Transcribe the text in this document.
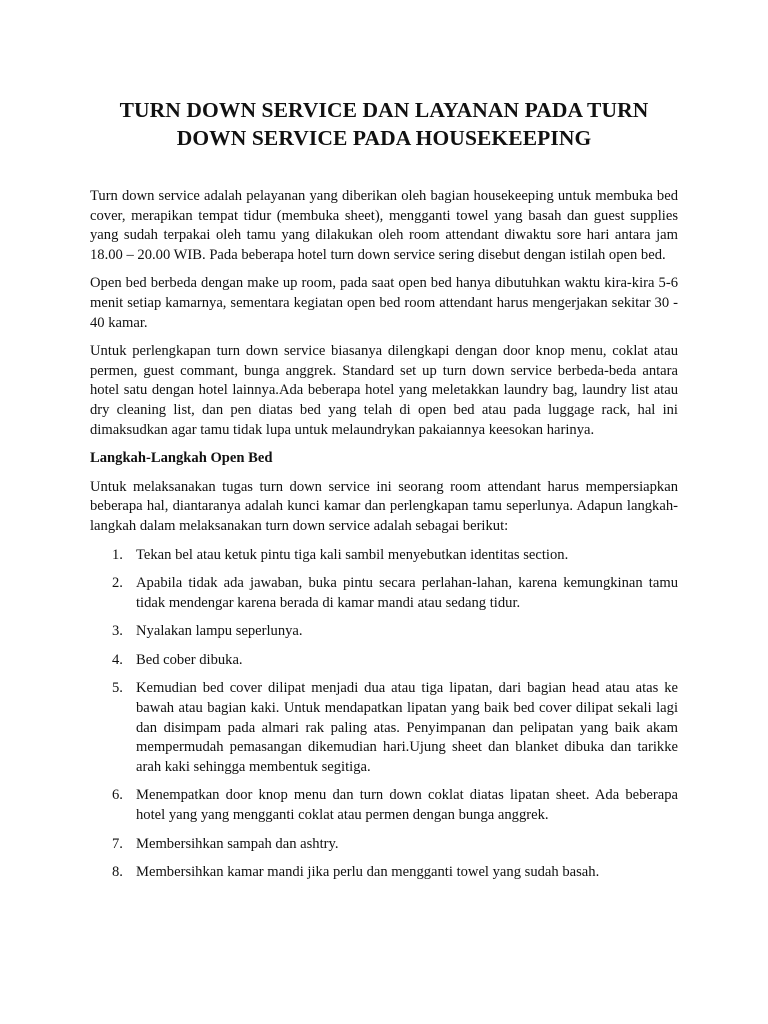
TURN DOWN SERVICE DAN LAYANAN PADA TURN
DOWN SERVICE PADA HOUSEKEEPING

Turn down service adalah pelayanan yang diberikan oleh bagian housekeeping untuk membuka bed cover, merapikan tempat tidur (membuka sheet), mengganti towel yang basah dan guest supplies yang sudah terpakai oleh tamu yang dilakukan oleh room attendant diwaktu sore hari antara jam 18.00 – 20.00 WIB. Pada beberapa hotel turn down service sering disebut dengan istilah open bed.

Open bed berbeda dengan make up room, pada saat open bed hanya dibutuhkan waktu kira-kira 5-6 menit setiap kamarnya, sementara kegiatan open bed room attendant harus mengerjakan sekitar 30 - 40 kamar.

Untuk perlengkapan turn down service biasanya dilengkapi dengan door knop menu, coklat atau permen, guest commant, bunga anggrek. Standard set up turn down service berbeda-beda antara hotel satu dengan hotel lainnya.Ada beberapa hotel yang meletakkan laundry bag, laundry list atau dry cleaning list, dan pen diatas bed yang telah di open bed atau pada luggage rack, hal ini dimaksudkan agar tamu tidak lupa untuk melaundrykan pakaiannya keesokan harinya.

Langkah-Langkah Open Bed

Untuk melaksanakan tugas turn down service ini seorang room attendant harus mempersiapkan beberapa hal, diantaranya adalah kunci kamar dan perlengkapan tamu seperlunya. Adapun langkah-langkah dalam melaksanakan turn down service adalah sebagai berikut:

1. Tekan bel atau ketuk pintu tiga kali sambil menyebutkan identitas section.
2. Apabila tidak ada jawaban, buka pintu secara perlahan-lahan, karena kemungkinan tamu tidak mendengar karena berada di kamar mandi atau sedang tidur.
3. Nyalakan lampu seperlunya.
4. Bed cober dibuka.
5. Kemudian bed cover dilipat menjadi dua atau tiga lipatan, dari bagian head atau atas ke bawah atau bagian kaki. Untuk mendapatkan lipatan yang baik bed cover dilipat sekali lagi dan disimpam pada almari rak paling atas. Penyimpanan dan pelipatan yang baik akam mempermudah pemasangan dikemudian hari.Ujung sheet dan blanket dibuka dan tarikke arah kaki sehingga membentuk segitiga.
6. Menempatkan door knop menu dan turn down coklat diatas lipatan sheet. Ada beberapa hotel yang yang mengganti coklat atau permen dengan bunga anggrek.
7. Membersihkan sampah dan ashtry.
8. Membersihkan kamar mandi jika perlu dan mengganti towel yang sudah basah.
